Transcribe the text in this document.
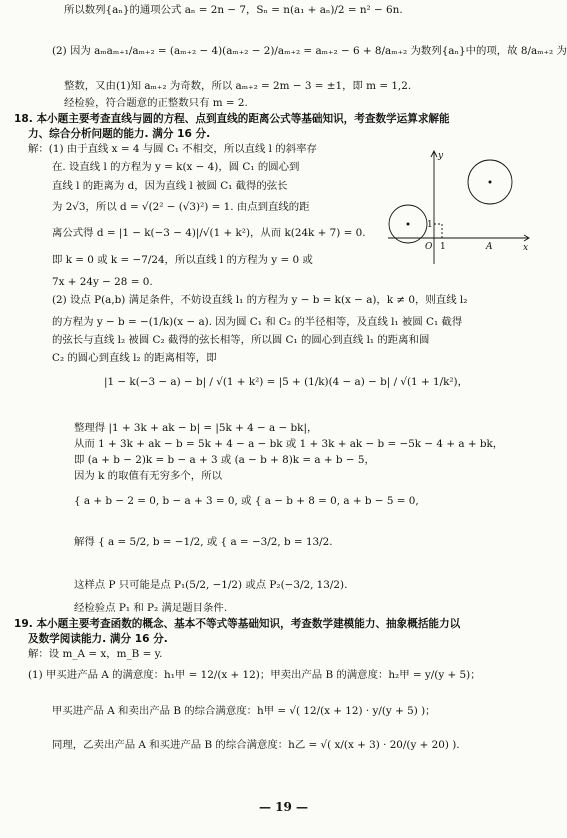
所以数列{aₙ}的通项公式 aₙ = 2n − 7，Sₙ = n(a₁ + aₙ)/2 = n² − 6n.
(2) 因为 aₘaₘ₊₁/aₘ₊₂ = (aₘ₊₂ − 4)(aₘ₊₂ − 2)/aₘ₊₂ = aₘ₊₂ − 6 + 8/aₘ₊₂ 为数列{aₙ}中的项，故 8/aₘ₊₂ 为
整数，又由(1)知 aₘ₊₂ 为奇数，所以 aₘ₊₂ = 2m − 3 = ±1，即 m = 1,2.
经检验，符合题意的正整数只有 m = 2.
18. 本小题主要考查直线与圆的方程、点到直线的距离公式等基础知识，考查数学运算求解能
力、综合分析问题的能力. 满分 16 分.
解：(1) 由于直线 x = 4 与圆 C₁ 不相交，所以直线 l 的斜率存
在. 设直线 l 的方程为 y = k(x − 4)，圆 C₁ 的圆心到
直线 l 的距离为 d，因为直线 l 被圆 C₁ 截得的弦长
为 2√3，所以 d = √(2² − (√3)²) = 1. 由点到直线的距
离公式得 d = |1 − k(−3 − 4)|/√(1 + k²)，从而 k(24k + 7) = 0.
即 k = 0 或 k = −7/24，所以直线 l 的方程为 y = 0 或
7x + 24y − 28 = 0.
(2) 设点 P(a,b) 满足条件，不妨设直线 l₁ 的方程为 y − b = k(x − a)，k ≠ 0，则直线 l₂
的方程为 y − b = −(1/k)(x − a). 因为圆 C₁ 和 C₂ 的半径相等，及直线 l₁ 被圆 C₁ 截得
的弦长与直线 l₂ 被圆 C₂ 截得的弦长相等，所以圆 C₁ 的圆心到直线 l₁ 的距离和圆
C₂ 的圆心到直线 l₂ 的距离相等，即
|1 − k(−3 − a) − b| / √(1 + k²) = |5 + (1/k)(4 − a) − b| / √(1 + 1/k²)，
整理得 |1 + 3k + ak − b| = |5k + 4 − a − bk|，
从而 1 + 3k + ak − b = 5k + 4 − a − bk 或 1 + 3k + ak − b = −5k − 4 + a + bk，
即 (a + b − 2)k = b − a + 3 或 (a − b + 8)k = a + b − 5，
因为 k 的取值有无穷多个，所以
{ a + b − 2 = 0, b − a + 3 = 0, 或 { a − b + 8 = 0, a + b − 5 = 0,
解得 { a = 5/2, b = −1/2, 或 { a = −3/2, b = 13/2.
这样点 P 只可能是点 P₁(5/2, −1/2) 或点 P₂(−3/2, 13/2).
经检验点 P₁ 和 P₂ 满足题目条件.
19. 本小题主要考查函数的概念、基本不等式等基础知识，考查数学建模能力、抽象概括能力以
及数学阅读能力. 满分 16 分.
解：设 m_A = x，m_B = y.
(1) 甲买进产品 A 的满意度：h₁甲 = 12/(x + 12)；甲卖出产品 B 的满意度：h₂甲 = y/(y + 5)；
甲买进产品 A 和卖出产品 B 的综合满意度：h甲 = √( 12/(x + 12) · y/(y + 5) )；
同理，乙卖出产品 A 和买进产品 B 的综合满意度：h乙 = √( x/(x + 3) · 20/(y + 20) ).
y
x
O 1
1
A
— 19 —
